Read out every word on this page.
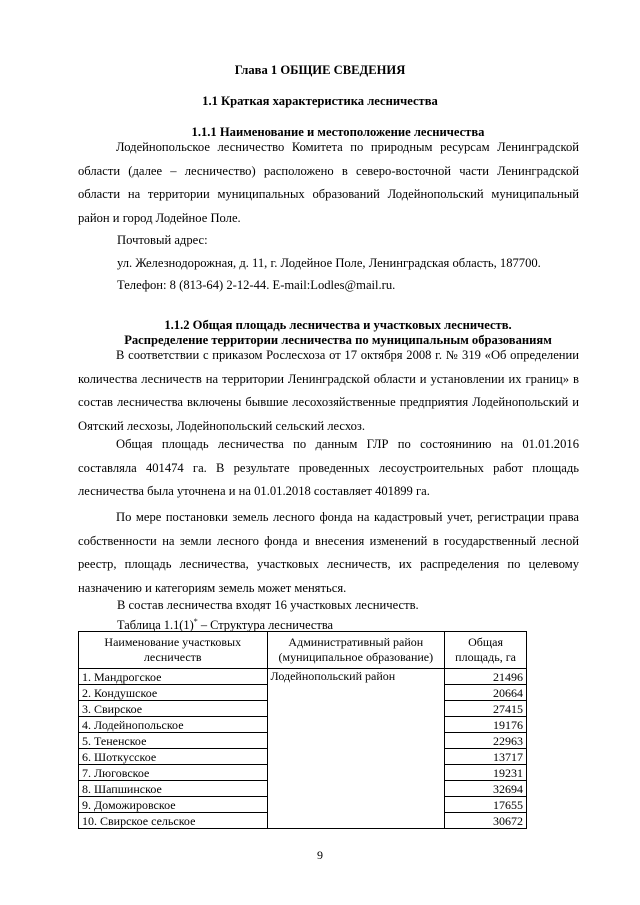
Глава 1 ОБЩИЕ СВЕДЕНИЯ
1.1 Краткая характеристика лесничества
1.1.1 Наименование и местоположение лесничества
Лодейнопольское лесничество Комитета по природным ресурсам Ленинградской области (далее – лесничество) расположено в северо-восточной части Ленинградской области на территории муниципальных образований Лодейнопольский муниципальный район и город Лодейное Поле.
Почтовый адрес:
ул. Железнодорожная, д. 11, г. Лодейное Поле, Ленинградская область, 187700.
Телефон: 8 (813-64) 2-12-44. E-mail:Lodles@mail.ru.
1.1.2 Общая площадь лесничества и участковых лесничеств.
Распределение территории лесничества по муниципальным образованиям
В соответствии с приказом Рослесхоза от 17 октября 2008 г. № 319 «Об определении количества лесничеств на территории Ленинградской области и установлении их границ» в состав лесничества включены бывшие лесохозяйственные предприятия Лодейнопольский и Оятский лесхозы, Лодейнопольский сельский лесхоз.
Общая площадь лесничества по данным ГЛР по состоянинию на 01.01.2016 составляла 401474 га. В результате проведенных лесоустроительных работ площадь лесничества была уточнена и на 01.01.2018 составляет 401899 га.
По мере постановки земель лесного фонда на кадастровый учет, регистрации права собственности на земли лесного фонда и внесения изменений в государственный лесной реестр, площадь лесничества, участковых лесничеств, их распределения по целевому назначению и категориям земель может меняться.
В состав лесничества входят 16 участковых лесничеств.
Таблица 1.1(1)* – Структура лесничества
Наименование участковых лесничеств	Административный район (муниципальное образование)	Общая площадь, га
1. Мандрогское	Лодейнопольский район	21496
2. Кондушское		20664
3. Свирское		27415
4. Лодейнопольское		19176
5. Тененское		22963
6. Шоткусское		13717
7. Люговское		19231
8. Шапшинское		32694
9. Доможировское		17655
10. Свирское сельское		30672
9
